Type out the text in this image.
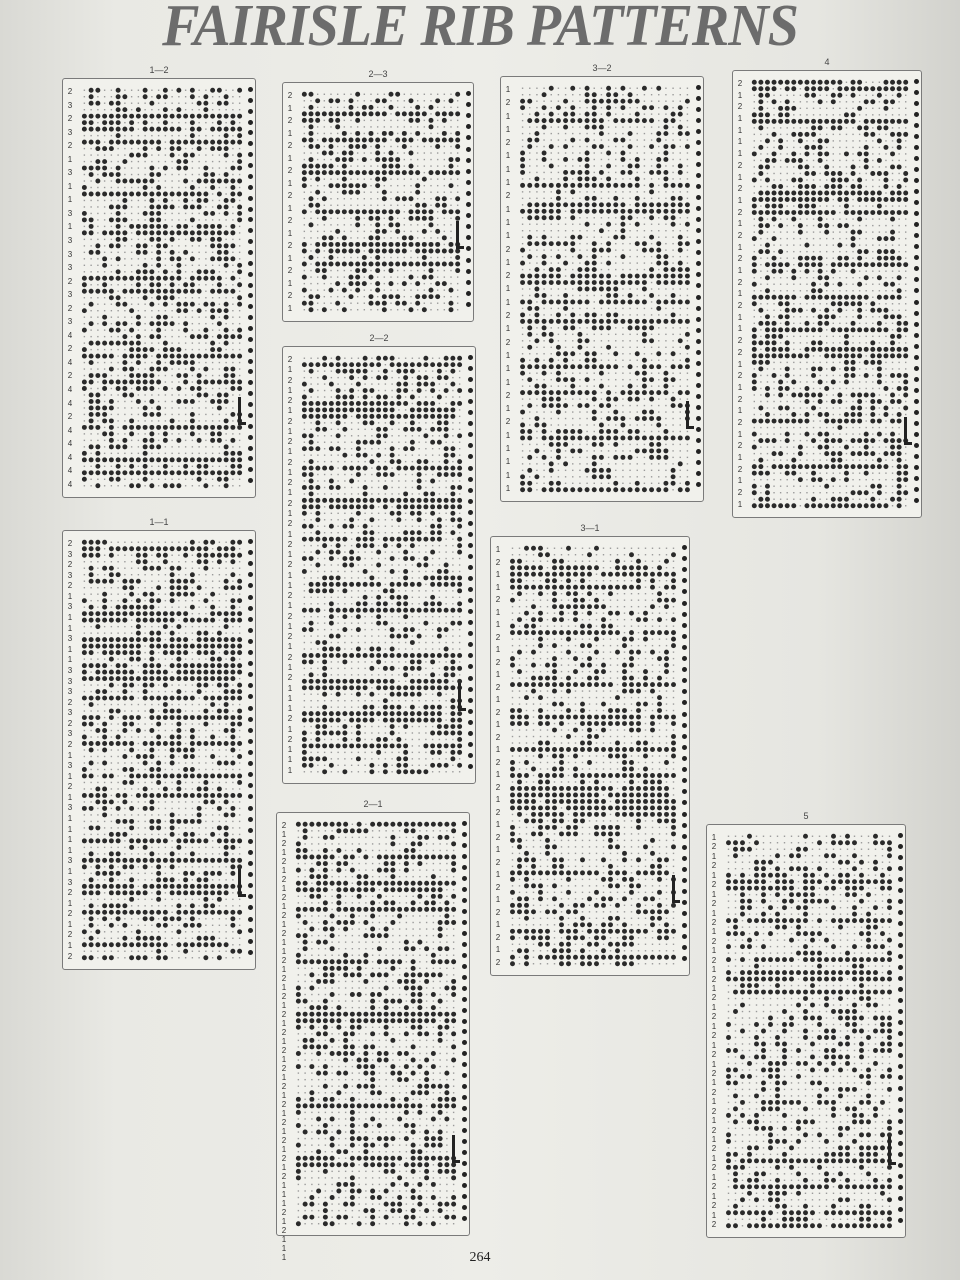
FAIRISLE RIB PATTERNS
1—2
2
3
2
3
2
1
3
1
1
3
1
3
3
3
2
3
2
3
4
2
4
2
4
4
2
4
4
4
4
4
1—1
2
3
2
3
2
1
3
1
1
3
1
1
3
3
3
2
3
2
3
2
1
3
1
2
1
3
1
1
1
1
3
1
3
2
1
2
1
2
1
2
2—3
2
1
2
1
2
1
2
1
2
1
2
1
2
1
2
1
2
1
2—2
2
1
2
1
2
1
2
1
2
1
2
1
2
1
2
1
2
1
2
1
2
1
1
2
1
2
1
2
1
2
1
2
1
1
1
2
1
2
1
1
1
2—1
2
1
2
1
2
1
2
1
2
1
2
1
2
1
1
2
1
2
1
2
1
2
1
2
1
2
1
2
1
2
1
2
1
2
1
2
1
2
1
2
1
1
1
2
1
2
1
1
1
3—2
1
2
1
1
2
1
1
1
2
1
1
1
2
1
2
1
1
2
1
2
1
1
1
2
1
2
1
1
1
1
1
3—1
1
2
1
1
2
1
1
2
1
2
1
2
1
2
1
2
1
2
1
2
1
2
1
2
1
2
1
2
1
2
1
2
1
2
4
2
1
2
1
1
1
1
2
1
2
1
2
1
2
1
2
1
2
1
2
1
1
2
2
1
2
1
2
1
2
1
2
1
2
1
2
1
5
1
2
1
2
1
2
1
2
1
2
1
2
1
2
1
2
1
2
1
2
1
2
1
2
1
2
1
2
1
2
1
2
1
2
1
2
1
2
1
2
1
2
264
